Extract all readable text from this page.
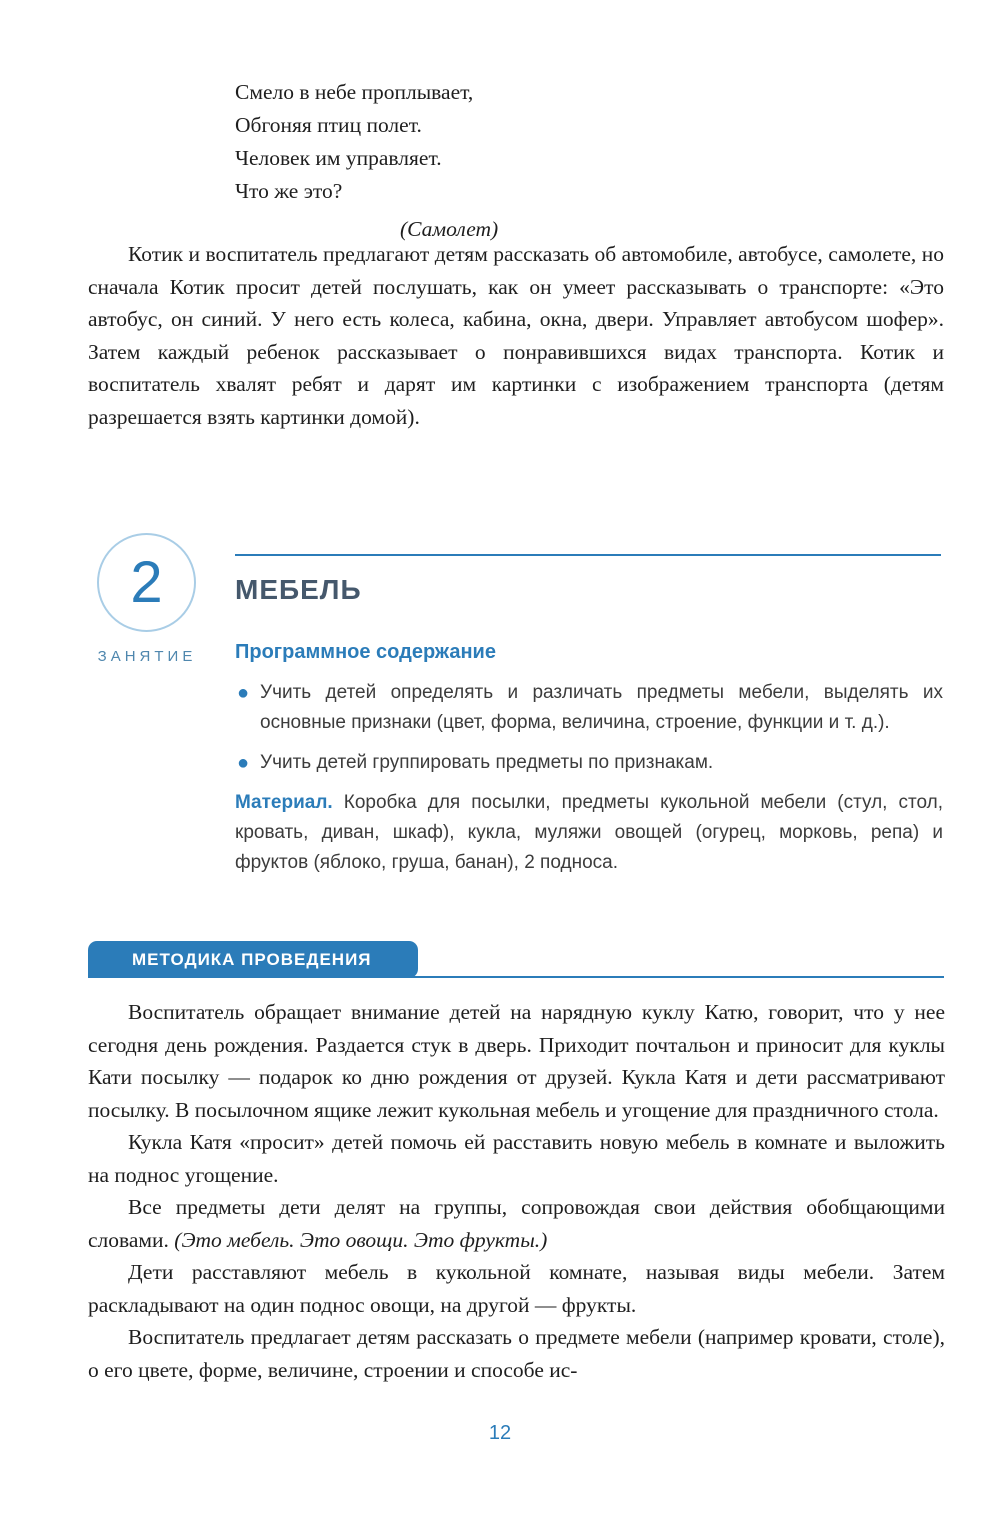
Смело в небе проплывает,
Обгоняя птиц полет.
Человек им управляет.
Что же это?
(Самолет)

Котик и воспитатель предлагают детям рассказать об автомобиле, автобусе, самолете, но сначала Котик просит детей послушать, как он умеет рассказывать о транспорте: «Это автобус, он синий. У него есть колеса, кабина, окна, двери. Управляет автобусом шофер». Затем каждый ребенок рассказывает о понравившихся видах транспорта. Котик и воспитатель хвалят ребят и дарят им картинки с изображением транспорта (детям разрешается взять картинки домой).

2
ЗАНЯТИЕ
МЕБЕЛЬ
Программное содержание
● Учить детей определять и различать предметы мебели, выделять их основные признаки (цвет, форма, величина, строение, функции и т. д.).
● Учить детей группировать предметы по признакам.
Материал. Коробка для посылки, предметы кукольной мебели (стул, стол, кровать, диван, шкаф), кукла, муляжи овощей (огурец, морковь, репа) и фруктов (яблоко, груша, банан), 2 подноса.
МЕТОДИКА ПРОВЕДЕНИЯ

Воспитатель обращает внимание детей на нарядную куклу Катю, говорит, что у нее сегодня день рождения. Раздается стук в дверь. Приходит почтальон и приносит для куклы Кати посылку — подарок ко дню рождения от друзей. Кукла Катя и дети рассматривают посылку. В посылочном ящике лежит кукольная мебель и угощение для праздничного стола.

Кукла Катя «просит» детей помочь ей расставить новую мебель в комнате и выложить на поднос угощение.

Все предметы дети делят на группы, сопровождая свои действия обобщающими словами. (Это мебель. Это овощи. Это фрукты.)

Дети расставляют мебель в кукольной комнате, называя виды мебели. Затем раскладывают на один поднос овощи, на другой — фрукты.

Воспитатель предлагает детям рассказать о предмете мебели (например кровати, столе), о его цвете, форме, величине, строении и способе ис-

12
